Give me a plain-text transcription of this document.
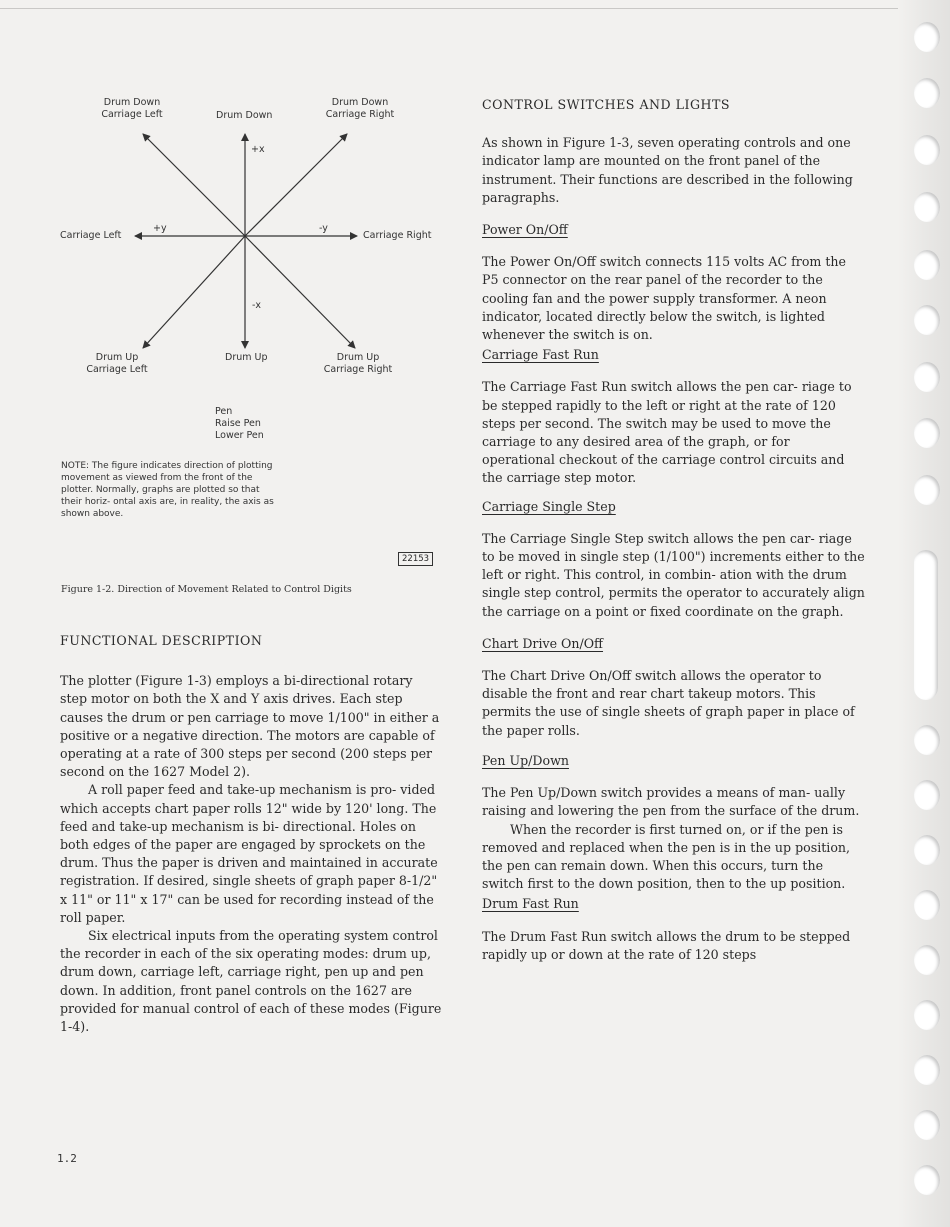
Drum Down
Carriage Left	Drum Down
Drum Down
Carriage Right
+x
Carriage Left
+y	-y
Carriage Right
-x
Drum Up
Carriage Left
Drum Up	Drum Up
Carriage Right
Pen
Raise Pen
Lower Pen
NOTE: The figure indicates direction of plotting movement as viewed from the front of the plotter. Normally, graphs are plotted so that their horiz- ontal axis are, in reality, the axis as shown above.
22153
Figure 1-2. Direction of Movement Related to Control Digits

FUNCTIONAL DESCRIPTION

The plotter (Figure 1-3) employs a bi-directional rotary step motor on both the X and Y axis drives. Each step causes the drum or pen carriage to move 1/100" in either a positive or a negative direction. The motors are capable of operating at a rate of 300 steps per second (200 steps per second on the 1627 Model 2).

A roll paper feed and take-up mechanism is pro- vided which accepts chart paper rolls 12" wide by 120' long. The feed and take-up mechanism is bi- directional. Holes on both edges of the paper are engaged by sprockets on the drum. Thus the paper is driven and maintained in accurate registration. If desired, single sheets of graph paper 8-1/2" x 11" or 11" x 17" can be used for recording instead of the roll paper.

Six electrical inputs from the operating system control the recorder in each of the six operating modes: drum up, drum down, carriage left, carriage right, pen up and pen down. In addition, front panel controls on the 1627 are provided for manual control of each of these modes (Figure 1-4).

CONTROL SWITCHES AND LIGHTS

As shown in Figure 1-3, seven operating controls and one indicator lamp are mounted on the front panel of the instrument. Their functions are described in the following paragraphs.

Power On/Off

The Power On/Off switch connects 115 volts AC from the P5 connector on the rear panel of the recorder to the cooling fan and the power supply transformer. A neon indicator, located directly below the switch, is lighted whenever the switch is on.

Carriage Fast Run

The Carriage Fast Run switch allows the pen car- riage to be stepped rapidly to the left or right at the rate of 120 steps per second. The switch may be used to move the carriage to any desired area of the graph, or for operational checkout of the carriage control circuits and the carriage step motor.

Carriage Single Step

The Carriage Single Step switch allows the pen car- riage to be moved in single step (1/100") increments either to the left or right. This control, in combin- ation with the drum single step control, permits the operator to accurately align the carriage on a point or fixed coordinate on the graph.

Chart Drive On/Off

The Chart Drive On/Off switch allows the operator to disable the front and rear chart takeup motors. This permits the use of single sheets of graph paper in place of the paper rolls.

Pen Up/Down

The Pen Up/Down switch provides a means of man- ually raising and lowering the pen from the surface of the drum.

When the recorder is first turned on, or if the pen is removed and replaced when the pen is in the up position, the pen can remain down. When this occurs, turn the switch first to the down position, then to the up position.

Drum Fast Run

The Drum Fast Run switch allows the drum to be stepped rapidly up or down at the rate of 120 steps

1.2
